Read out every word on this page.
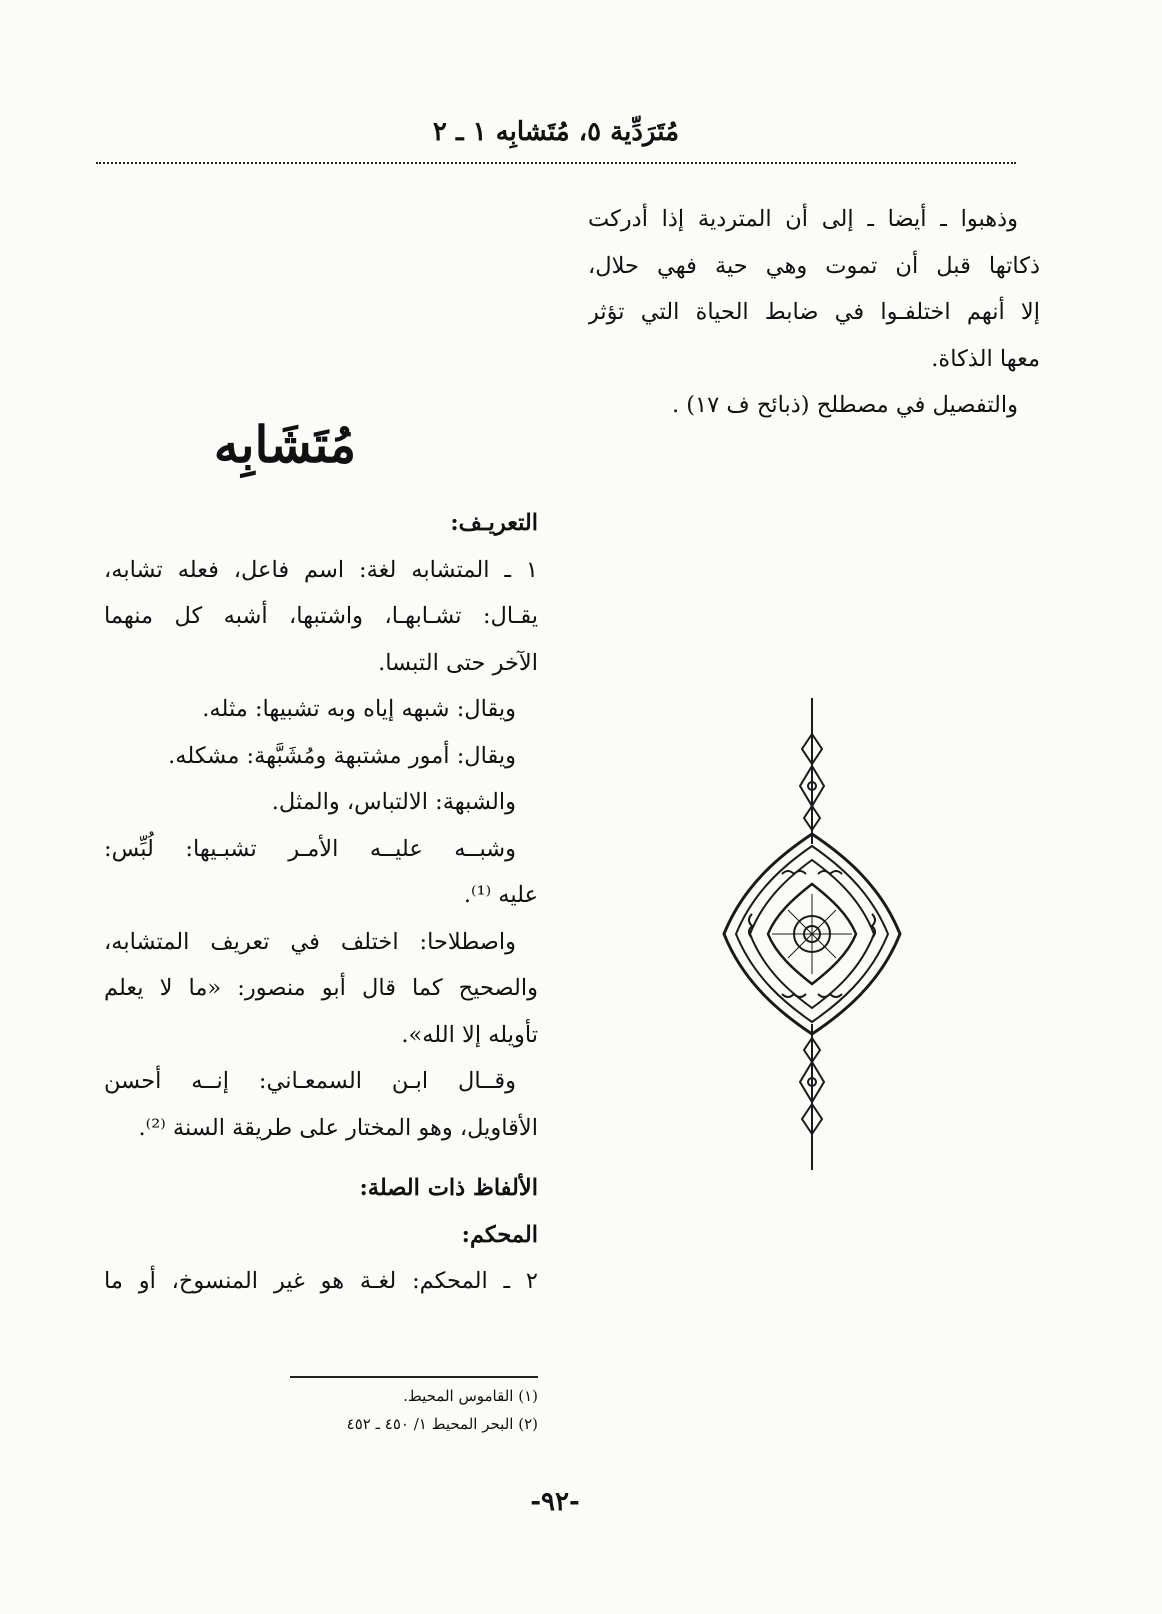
مُتَرَدِّية ٥، مُتَشابِه ١ ـ ٢
وذهبوا ـ أيضا ـ إلى أن المتردية إذا أدركت
ذكاتها قبل أن تموت وهي حية فهي حلال،
إلا أنهم اختلفـوا في ضابط الحياة التي تؤثر
معها الذكاة.
والتفصيل في مصطلح (ذبائح ف ١٧) .
مُتَشَابِه
التعريـف:
١ ـ المتشابه لغة: اسم فاعل، فعله تشابه،
يقـال: تشـابهـا، واشتبها، أشبه كل منهما
الآخر حتى التبسا.
ويقال: شبهه إياه وبه تشبيها: مثله.
ويقال: أمور مشتبهة ومُشَبَّهة: مشكله.
والشبهة: الالتباس، والمثل.
وشبــه عليــه الأمـر تشبـيها: لُبِّس:
عليه ⁽¹⁾.
واصطلاحا: اختلف في تعريف المتشابه،
والصحيح كما قال أبو منصور: «ما لا يعلم
تأويله إلا الله».
وقــال ابـن السمعـاني: إنــه أحسن
الأقاويل، وهو المختار على طريقة السنة ⁽²⁾.
الألفاظ ذات الصلة:
المحكم:
٢ ـ المحكم: لغـة هو غير المنسوخ، أو ما
(١) القاموس المحيط.
(٢) البحر المحيط ١/ ٤٥٠ ـ ٤٥٢
-٩٢-
